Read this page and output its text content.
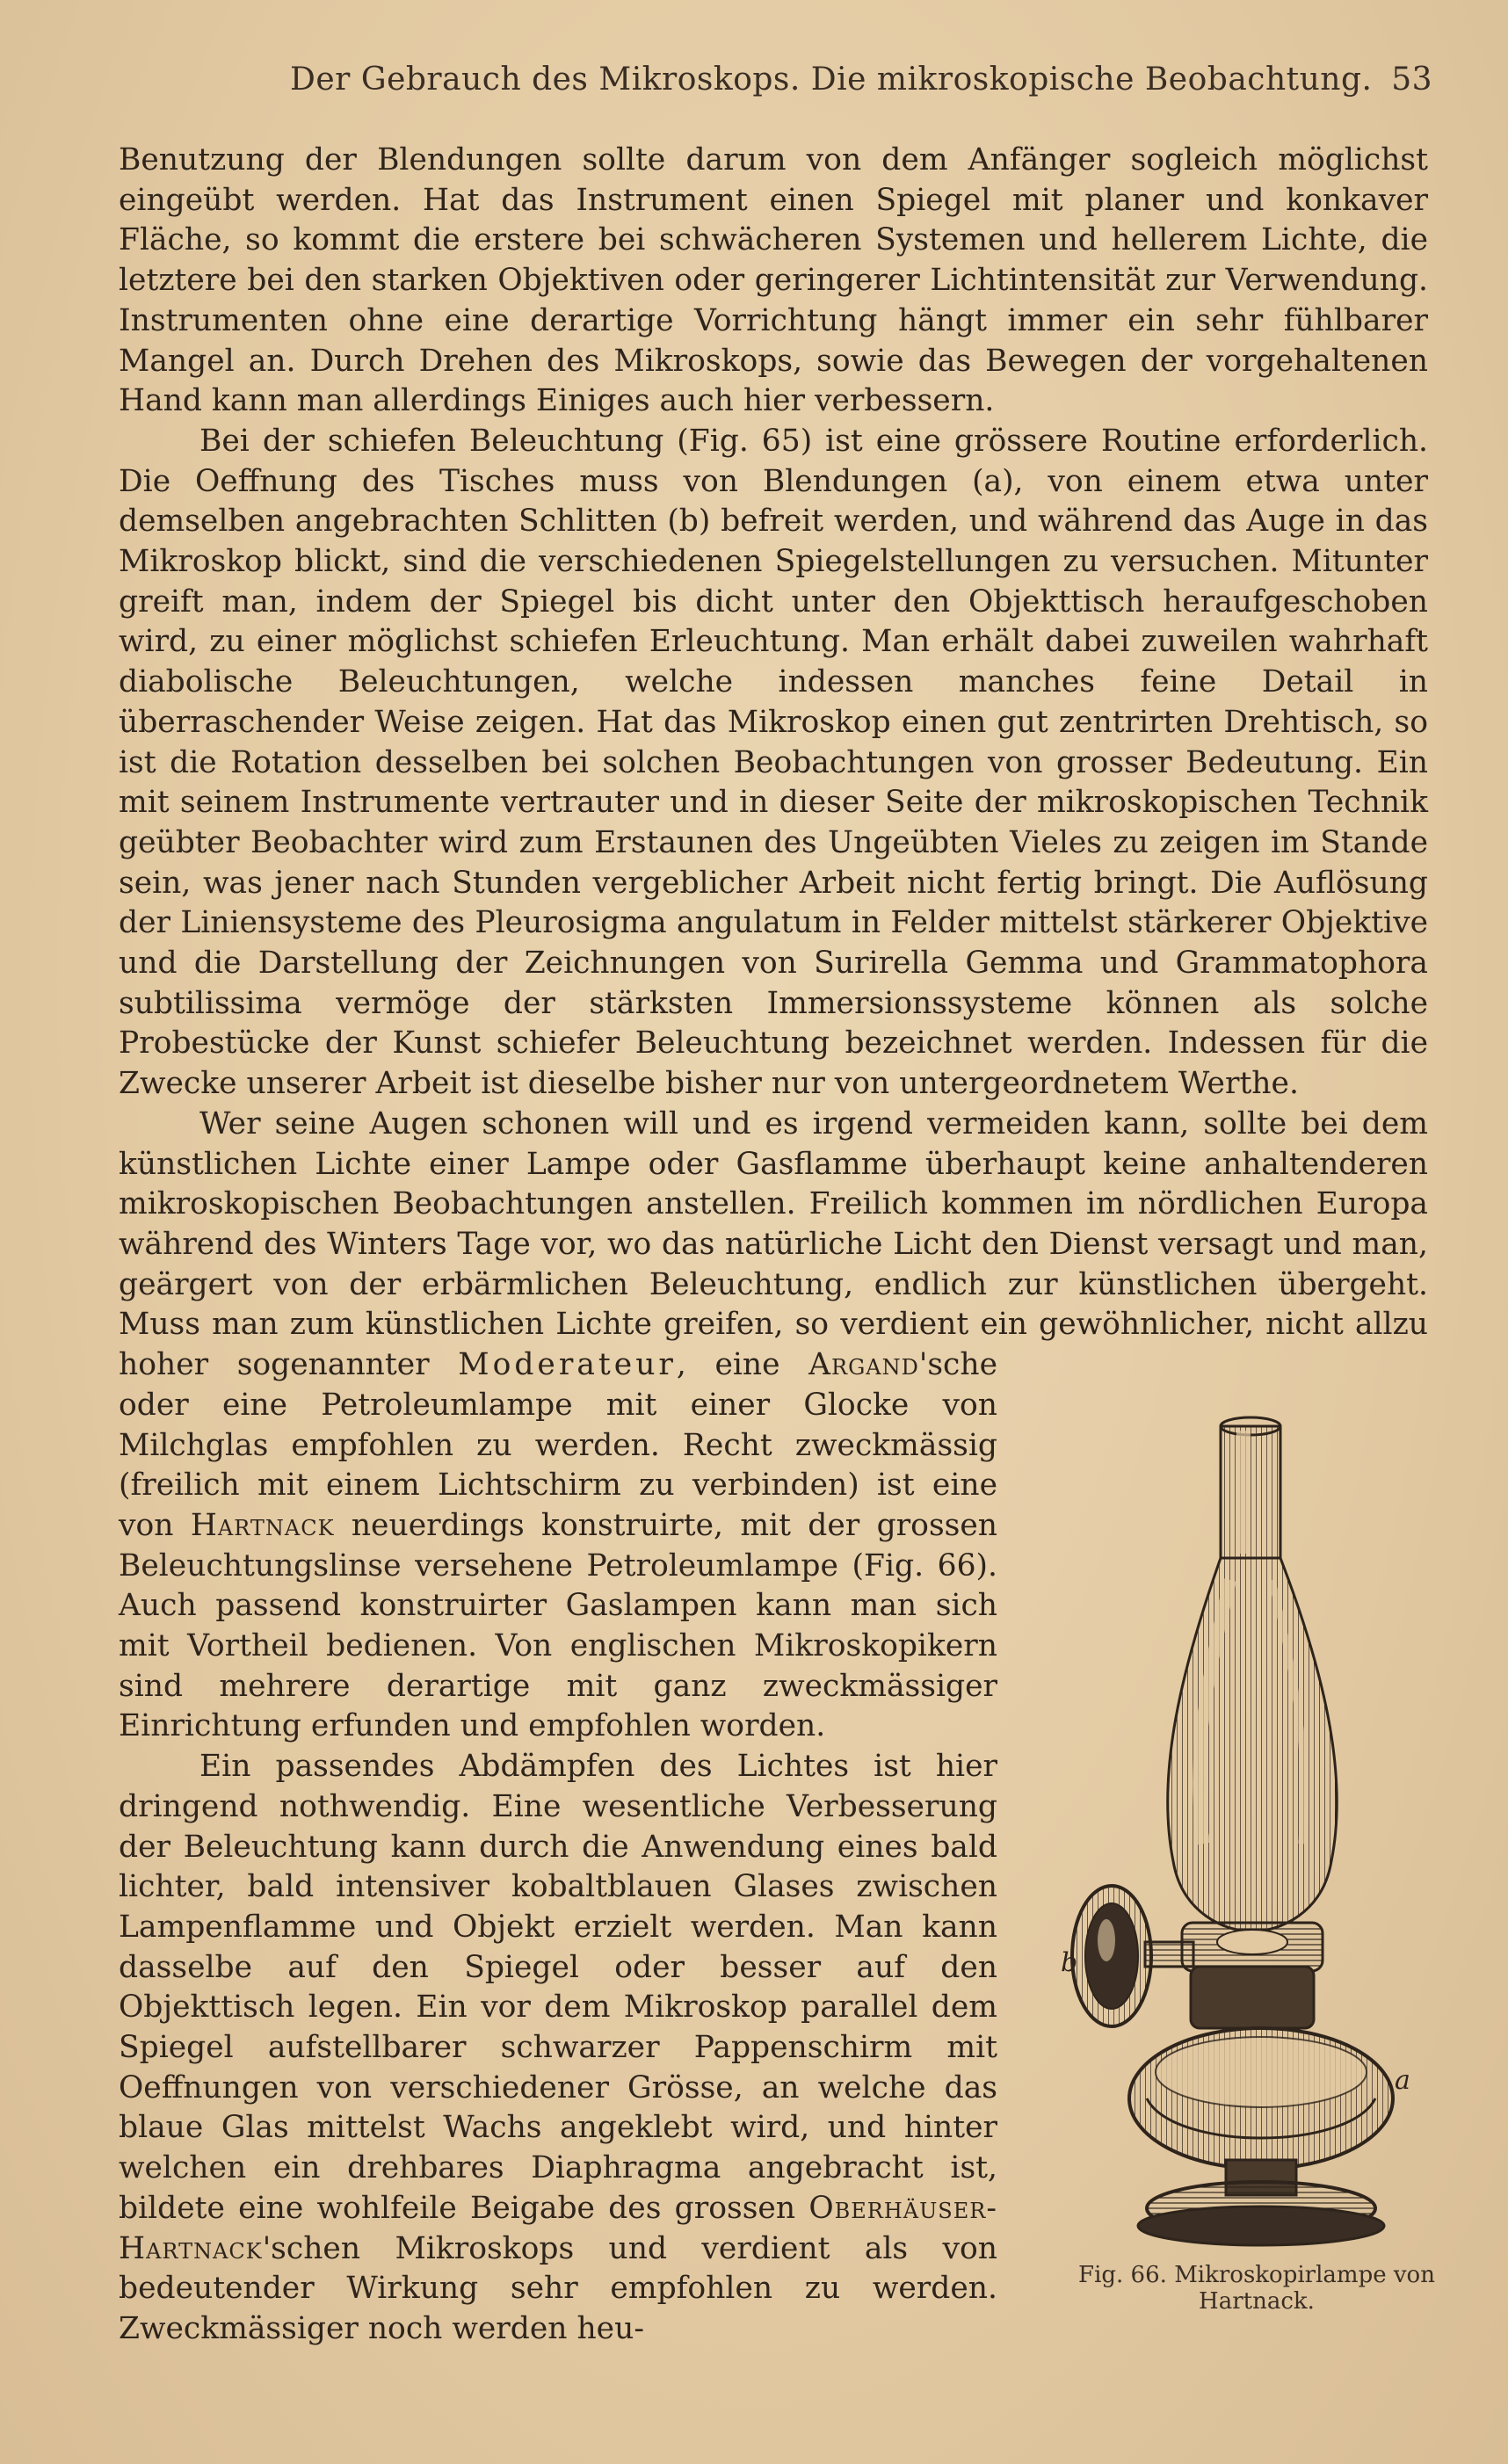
Der Gebrauch des Mikroskops. Die mikroskopische Beobachtung. 53

Benutzung der Blendungen sollte darum von dem Anfänger sogleich möglichst eingeübt werden. Hat das Instrument einen Spiegel mit planer und konkaver Fläche, so kommt die erstere bei schwächeren Systemen und hellerem Lichte, die letztere bei den starken Objektiven oder geringerer Lichtintensität zur Verwendung. Instrumenten ohne eine derartige Vorrichtung hängt immer ein sehr fühlbarer Mangel an. Durch Drehen des Mikroskops, sowie das Bewegen der vorgehaltenen Hand kann man allerdings Einiges auch hier verbessern.

Bei der schiefen Beleuchtung (Fig. 65) ist eine grössere Routine erforderlich. Die Oeffnung des Tisches muss von Blendungen (a), von einem etwa unter demselben angebrachten Schlitten (b) befreit werden, und während das Auge in das Mikroskop blickt, sind die verschiedenen Spiegelstellungen zu versuchen. Mitunter greift man, indem der Spiegel bis dicht unter den Objekttisch heraufgeschoben wird, zu einer möglichst schiefen Erleuchtung. Man erhält dabei zuweilen wahrhaft diabolische Beleuchtungen, welche indessen manches feine Detail in überraschender Weise zeigen. Hat das Mikroskop einen gut zentrirten Drehtisch, so ist die Rotation desselben bei solchen Beobachtungen von grosser Bedeutung. Ein mit seinem Instrumente vertrauter und in dieser Seite der mikroskopischen Technik geübter Beobachter wird zum Erstaunen des Ungeübten Vieles zu zeigen im Stande sein, was jener nach Stunden vergeblicher Arbeit nicht fertig bringt. Die Auflösung der Liniensysteme des Pleurosigma angulatum in Felder mittelst stärkerer Objektive und die Darstellung der Zeichnungen von Surirella Gemma und Grammatophora subtilissima vermöge der stärksten Immersionssysteme können als solche Probestücke der Kunst schiefer Beleuchtung bezeichnet werden. Indessen für die Zwecke unserer Arbeit ist dieselbe bisher nur von untergeordnetem Werthe.

Wer seine Augen schonen will und es irgend vermeiden kann, sollte bei dem künstlichen Lichte einer Lampe oder Gasflamme überhaupt keine anhaltenderen mikroskopischen Beobachtungen anstellen. Freilich kommen im nördlichen Europa während des Winters Tage vor, wo das natürliche Licht den Dienst versagt und man, geärgert von der erbärmlichen Beleuchtung, endlich zur künstlichen übergeht. Muss man zum künstlichen Lichte greifen, so verdient ein gewöhnlicher, nicht allzu hoher sogenannter Moderateur, eine Argand
'sche oder eine Petroleumlampe mit einer Glocke von Milchglas empfohlen zu werden. Recht zweckmässig (freilich mit einem Lichtschirm zu verbinden) ist eine von Hartnack neuerdings konstruirte, mit der grossen Beleuchtungslinse versehene Petroleumlampe (Fig. 66). Auch passend konstruirter Gaslampen kann man sich mit Vortheil bedienen. Von englischen Mikroskopikern sind mehrere derartige mit ganz zweckmässiger Einrichtung erfunden und empfohlen worden.

Ein passendes Abdämpfen des Lichtes ist hier dringend nothwendig. Eine wesentliche Verbesserung der Beleuchtung kann durch die Anwendung eines bald lichter, bald intensiver kobaltblauen Glases zwischen Lampenflamme und Objekt erzielt werden. Man kann dasselbe auf den Spiegel oder besser auf den Objekttisch legen. Ein vor dem Mikroskop parallel dem Spiegel aufstellbarer schwarzer Pappenschirm mit Oeffnungen von verschiedener Grösse, an welche das blaue Glas mittelst Wachs angeklebt wird, und hinter welchen ein drehbares Diaphragma angebracht ist, bildete eine wohlfeile Beigabe des grossen Oberhäuser-Hartnack'schen Mikroskops und verdient als von bedeutender Wirkung sehr empfohlen zu werden. Zweckmässiger noch werden heu-

b
a
Fig. 66. Mikroskopirlampe von Hartnack.
